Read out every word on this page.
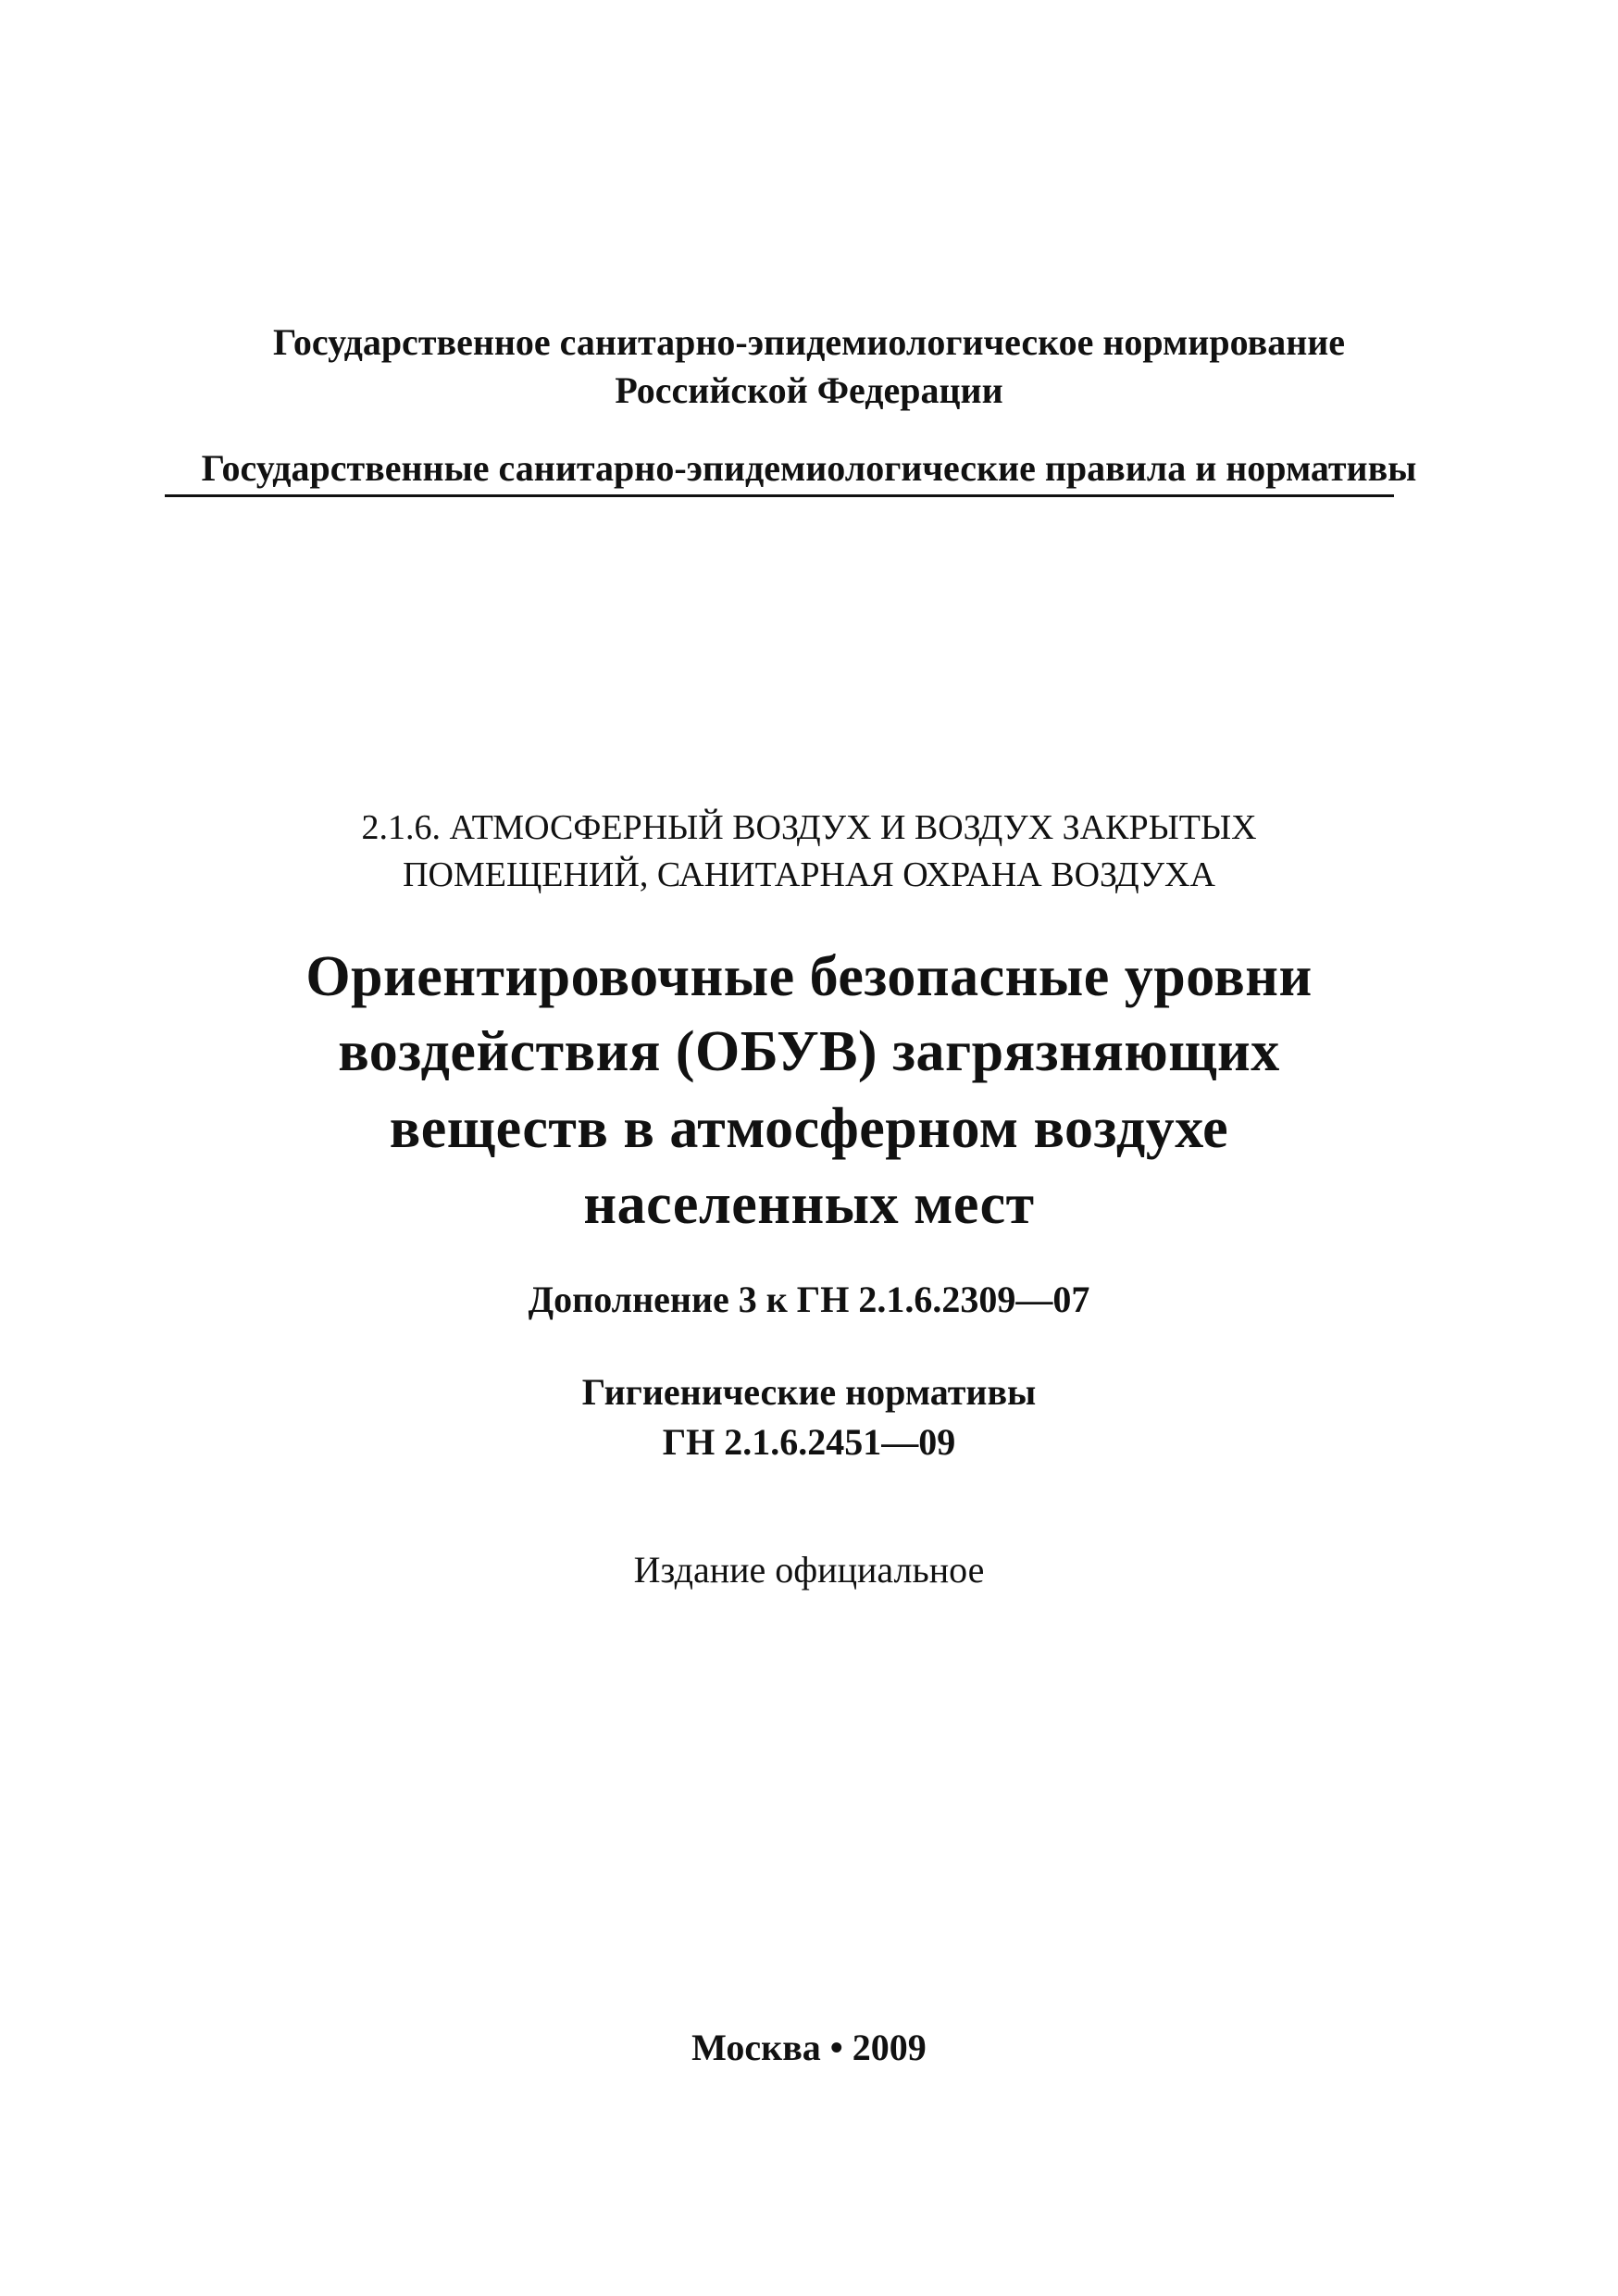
Государственное санитарно-эпидемиологическое нормирование
Российской Федерации
Государственные санитарно-эпидемиологические правила и нормативы
2.1.6. АТМОСФЕРНЫЙ ВОЗДУХ И ВОЗДУХ ЗАКРЫТЫХ
ПОМЕЩЕНИЙ, САНИТАРНАЯ ОХРАНА ВОЗДУХА
Ориентировочные безопасные уровни
воздействия (ОБУВ) загрязняющих
веществ в атмосферном воздухе
населенных мест
Дополнение 3 к ГН 2.1.6.2309—07
Гигиенические нормативы
ГН 2.1.6.2451—09
Издание официальное
Москва • 2009
